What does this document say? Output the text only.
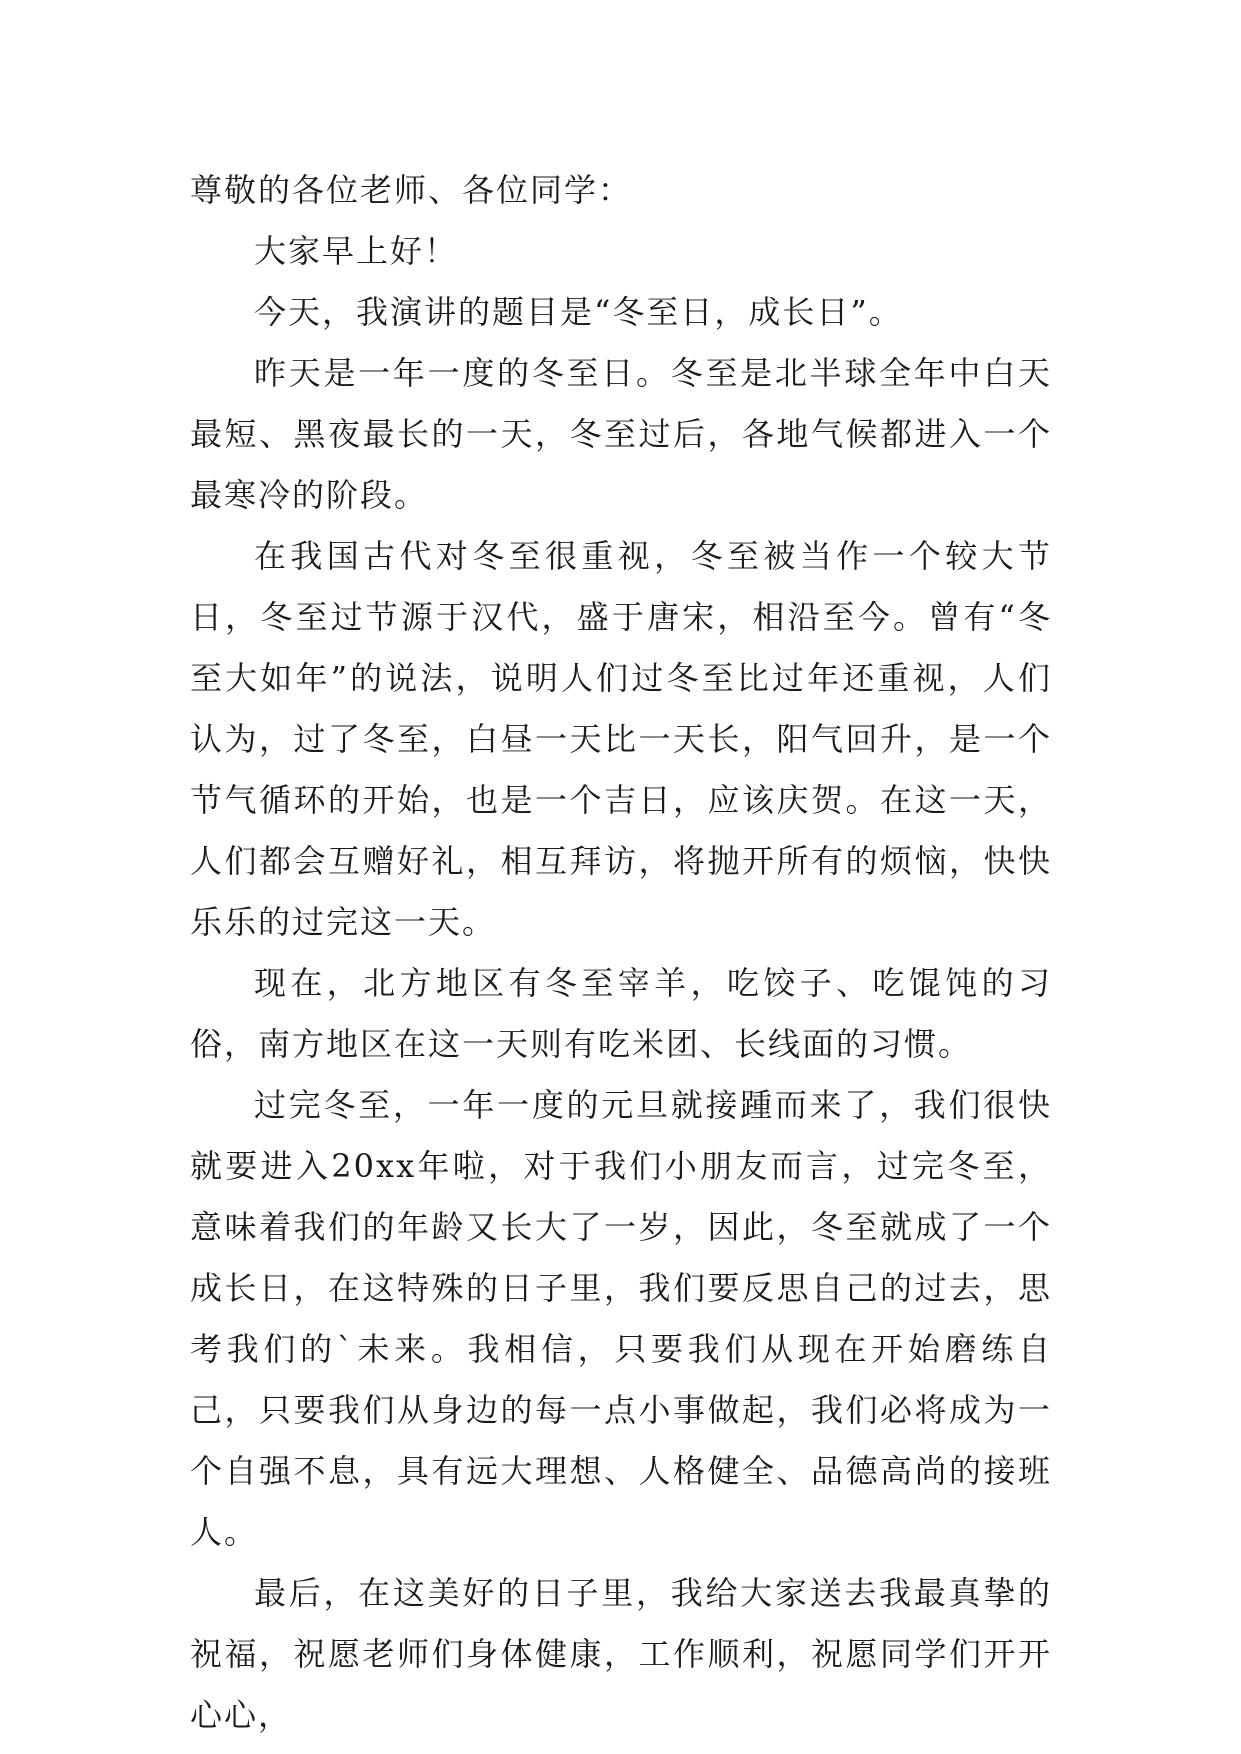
尊敬的各位老师、各位同学：

大家早上好！

今天，我演讲的题目是“冬至日，成长日”。

昨天是一年一度的冬至日。冬至是北半球全年中白天最短、黑夜最长的一天，冬至过后，各地气候都进入一个最寒冷的阶段。

在我国古代对冬至很重视，冬至被当作一个较大节日，冬至过节源于汉代，盛于唐宋，相沿至今。曾有“冬至大如年”的说法，说明人们过冬至比过年还重视，人们认为，过了冬至，白昼一天比一天长，阳气回升，是一个节气循环的开始，也是一个吉日，应该庆贺。在这一天，人们都会互赠好礼，相互拜访，将抛开所有的烦恼，快快乐乐的过完这一天。

现在，北方地区有冬至宰羊，吃饺子、吃馄饨的习俗，南方地区在这一天则有吃米团、长线面的习惯。

过完冬至，一年一度的元旦就接踵而来了，我们很快就要进入20xx年啦，对于我们小朋友而言，过完冬至，意味着我们的年龄又长大了一岁，因此，冬至就成了一个成长日，在这特殊的日子里，我们要反思自己的过去，思考我们的`未来。我相信，只要我们从现在开始磨练自己，只要我们从身边的每一点小事做起，我们必将成为一个自强不息，具有远大理想、人格健全、品德高尚的接班人。

最后，在这美好的日子里，我给大家送去我最真挚的祝福，祝愿老师们身体健康，工作顺利，祝愿同学们开开心心，
